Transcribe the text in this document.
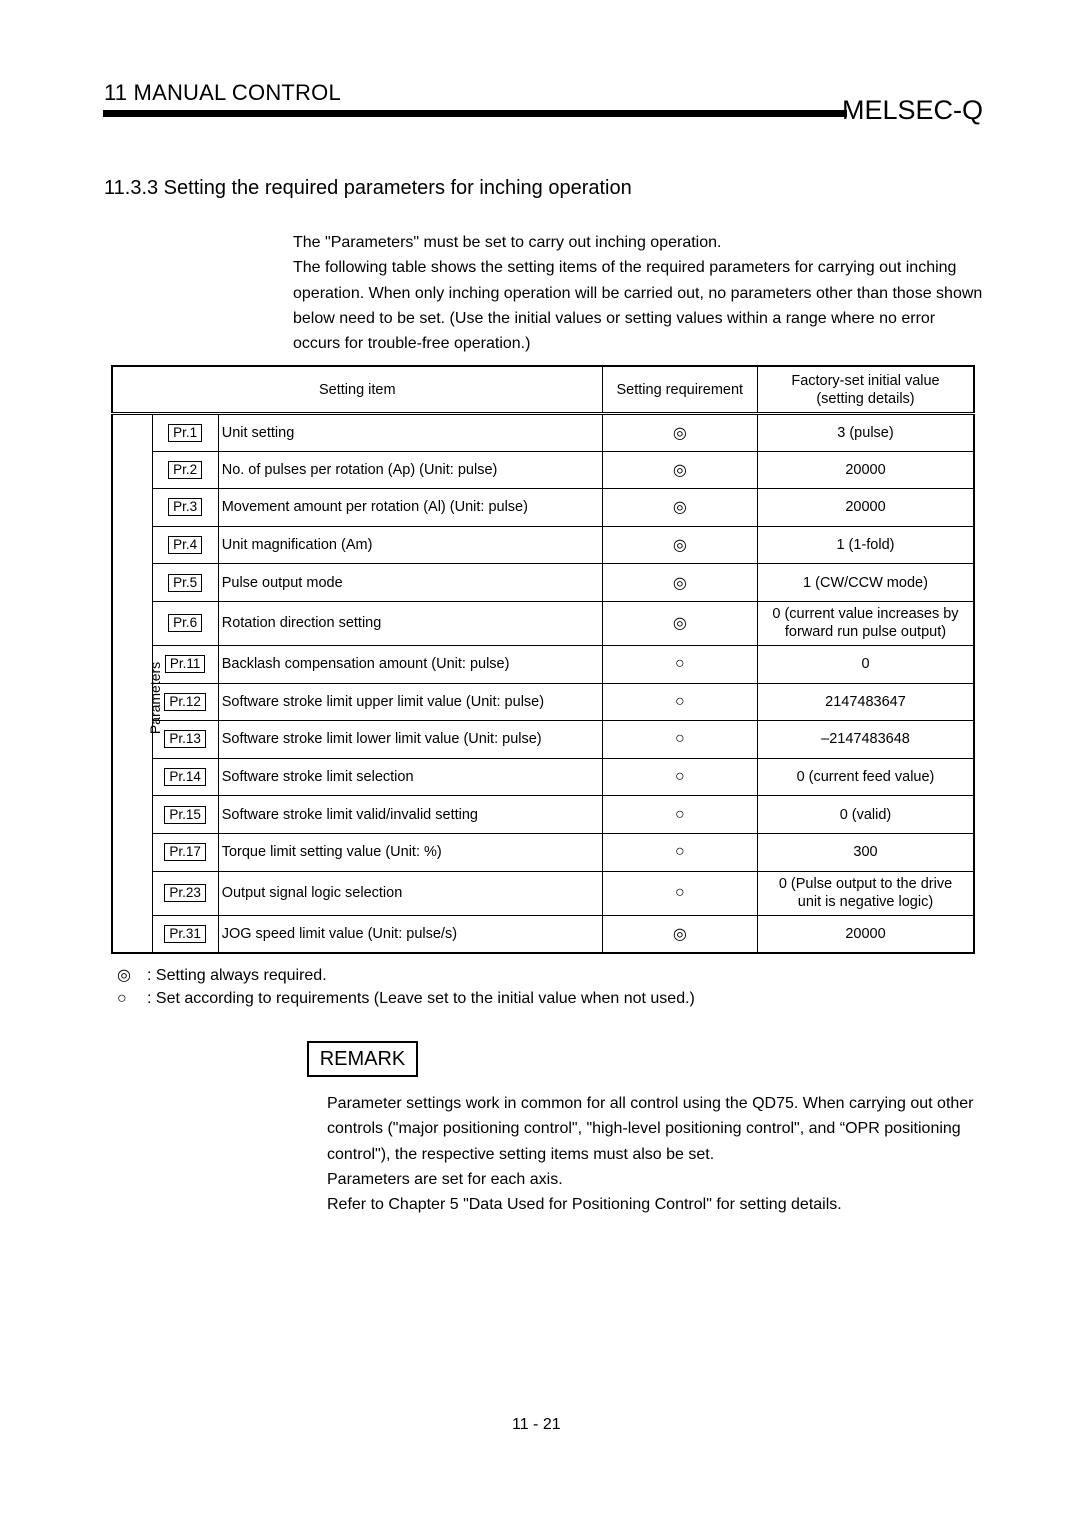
11 MANUAL CONTROL
MELSEC-Q
11.3.3 Setting the required parameters for inching operation

The "Parameters" must be set to carry out inching operation.

The following table shows the setting items of the required parameters for carrying out inching operation. When only inching operation will be carried out, no parameters other than those shown below need to be set. (Use the initial values or setting values within a range where no error occurs for trouble-free operation.)

Setting item			Setting requirement	Factory-set initial value
(setting details)

Parameters	Pr.1	Unit setting	◎	3 (pulse)

	Pr.2	No. of pulses per rotation (Ap) (Unit: pulse)	◎	20000

	Pr.3	Movement amount per rotation (Al) (Unit: pulse)	◎	20000

	Pr.4	Unit magnification (Am)	◎	1 (1-fold)

	Pr.5	Pulse output mode	◎	1 (CW/CCW mode)

	Pr.6	Rotation direction setting	◎	0 (current value increases by
forward run pulse output)

	Pr.11	Backlash compensation amount (Unit: pulse)	○	0

	Pr.12	Software stroke limit upper limit value (Unit: pulse)	○	2147483647

	Pr.13	Software stroke limit lower limit value (Unit: pulse)	○	–2147483648

	Pr.14	Software stroke limit selection	○	0 (current feed value)

	Pr.15	Software stroke limit valid/invalid setting	○	0 (valid)

	Pr.17	Torque limit setting value (Unit: %)	○	300

	Pr.23	Output signal logic selection	○	0 (Pulse output to the drive
unit is negative logic)

	Pr.31	JOG speed limit value (Unit: pulse/s)	◎	20000
◎ : Setting always required.
○ : Set according to requirements (Leave set to the initial value when not used.)
REMARK

Parameter settings work in common for all control using the QD75. When carrying out other controls ("major positioning control", "high-level positioning control", and “OPR positioning control"), the respective setting items must also be set.

Parameters are set for each axis.

Refer to Chapter 5 "Data Used for Positioning Control" for setting details.

11 - 21
